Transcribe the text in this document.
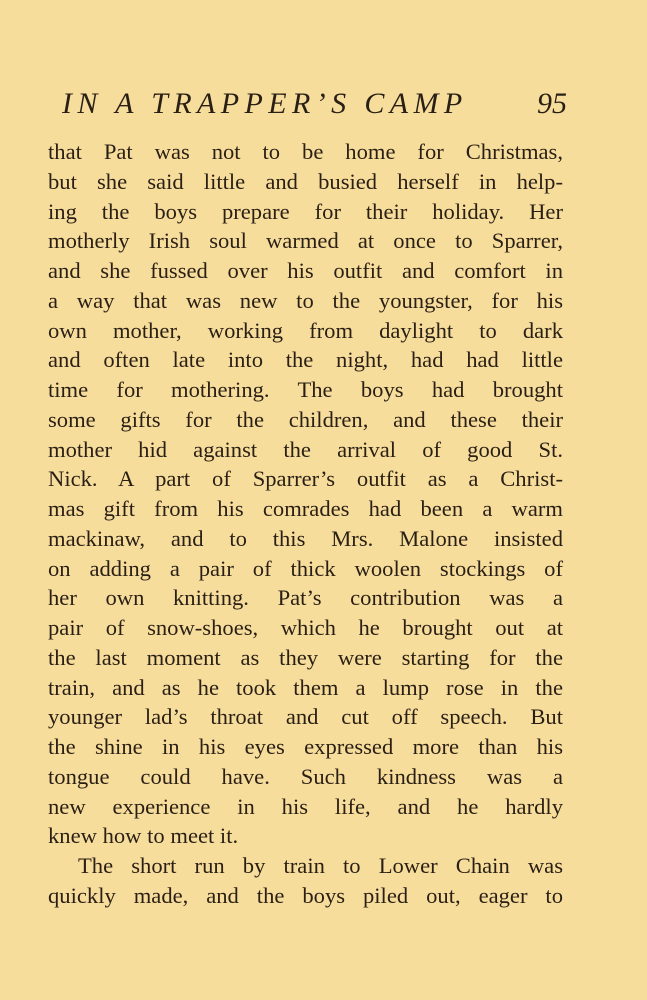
IN A TRAPPER’S CAMP 95
that Pat was not to be home for Christmas,
but she said little and busied herself in help-
ing the boys prepare for their holiday. Her
motherly Irish soul warmed at once to Sparrer,
and she fussed over his outfit and comfort in
a way that was new to the youngster, for his
own mother, working from daylight to dark
and often late into the night, had had little
time for mothering. The boys had brought
some gifts for the children, and these their
mother hid against the arrival of good St.
Nick. A part of Sparrer’s outfit as a Christ-
mas gift from his comrades had been a warm
mackinaw, and to this Mrs. Malone insisted
on adding a pair of thick woolen stockings of
her own knitting. Pat’s contribution was a
pair of snow-shoes, which he brought out at
the last moment as they were starting for the
train, and as he took them a lump rose in the
younger lad’s throat and cut off speech. But
the shine in his eyes expressed more than his
tongue could have. Such kindness was a
new experience in his life, and he hardly
knew how to meet it.
The short run by train to Lower Chain was
quickly made, and the boys piled out, eager to
